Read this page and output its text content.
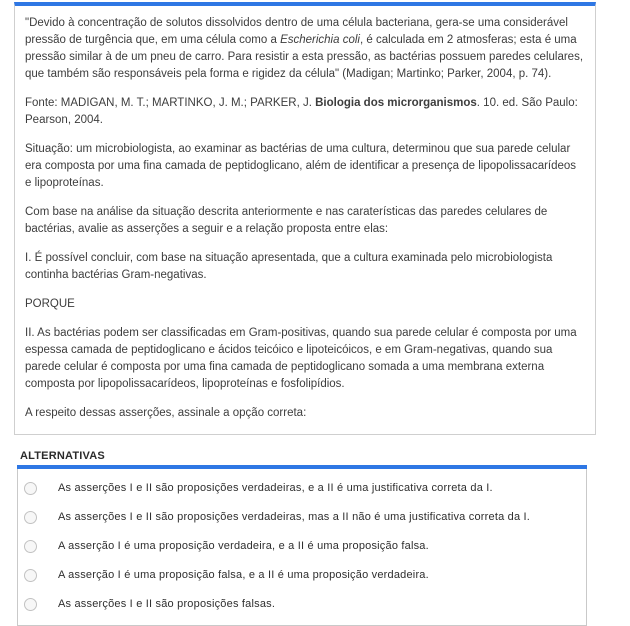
"Devido à concentração de solutos dissolvidos dentro de uma célula bacteriana, gera-se uma considerável pressão de turgência que, em uma célula como a Escherichia coli, é calculada em 2 atmosferas; esta é uma pressão similar à de um pneu de carro. Para resistir a esta pressão, as bactérias possuem paredes celulares, que também são responsáveis pela forma e rigidez da célula" (Madigan; Martinko; Parker, 2004, p. 74).

Fonte: MADIGAN, M. T.; MARTINKO, J. M.; PARKER, J. Biologia dos microrganismos. 10. ed. São Paulo: Pearson, 2004.

Situação: um microbiologista, ao examinar as bactérias de uma cultura, determinou que sua parede celular era composta por uma fina camada de peptidoglicano, além de identificar a presença de lipopolissacarídeos e lipoproteínas.

Com base na análise da situação descrita anteriormente e nas caraterísticas das paredes celulares de bactérias, avalie as asserções a seguir e a relação proposta entre elas:

I. É possível concluir, com base na situação apresentada, que a cultura examinada pelo microbiologista continha bactérias Gram-negativas.

PORQUE

II. As bactérias podem ser classificadas em Gram-positivas, quando sua parede celular é composta por uma espessa camada de peptidoglicano e ácidos teicóico e lipoteicóicos, e em Gram-negativas, quando sua parede celular é composta por uma fina camada de peptidoglicano somada a uma membrana externa composta por lipopolissacarídeos, lipoproteínas e fosfolipídios.

A respeito dessas asserções, assinale a opção correta:

ALTERNATIVAS
As asserções I e II são proposições verdadeiras, e a II é uma justificativa correta da I.
As asserções I e II são proposições verdadeiras, mas a II não é uma justificativa correta da I.
A asserção I é uma proposição verdadeira, e a II é uma proposição falsa.
A asserção I é uma proposição falsa, e a II é uma proposição verdadeira.
As asserções I e II são proposições falsas.
